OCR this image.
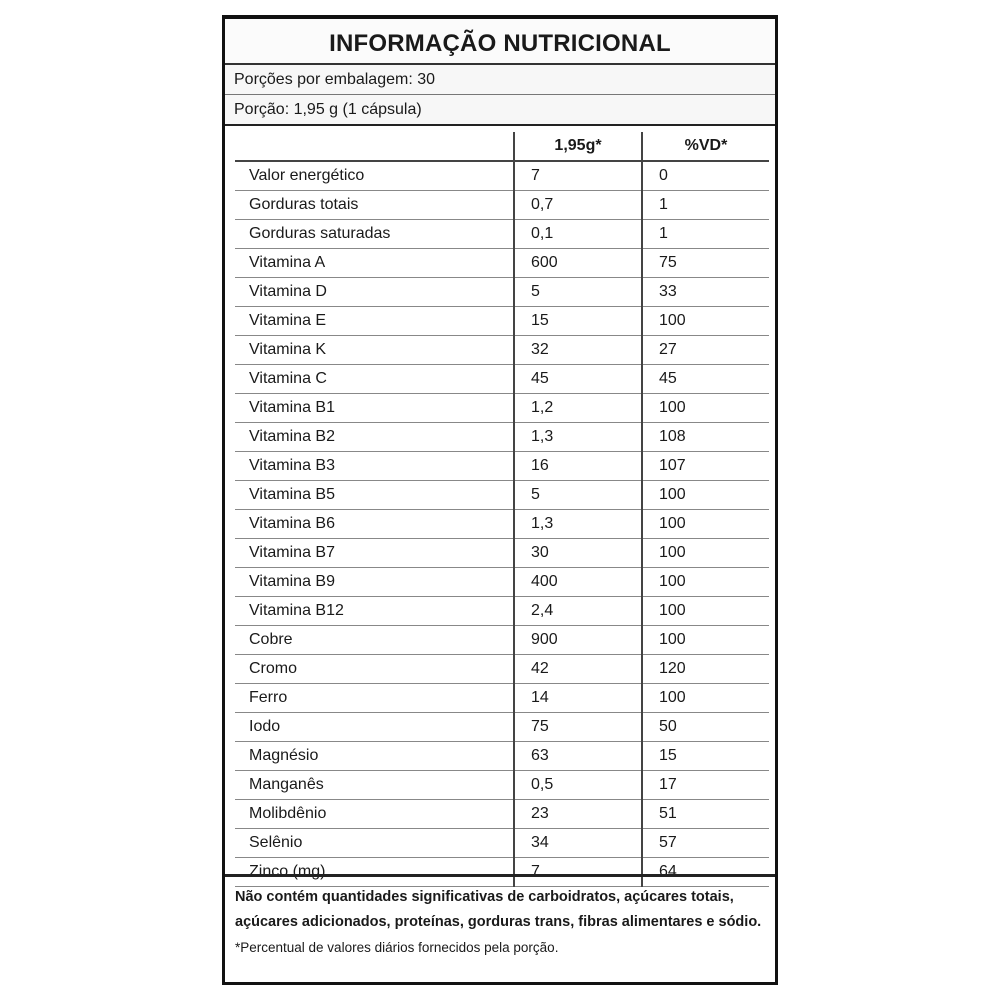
INFORMAÇÃO NUTRICIONAL
Porções por embalagem: 30
Porção: 1,95 g (1 cápsula)
	1,95g*	%VD*
Valor energético	7	0
Gorduras totais	0,7	1
Gorduras saturadas	0,1	1
Vitamina A	600	75
Vitamina D	5	33
Vitamina E	15	100
Vitamina K	32	27
Vitamina C	45	45
Vitamina B1	1,2	100
Vitamina B2	1,3	108
Vitamina B3	16	107
Vitamina B5	5	100
Vitamina B6	1,3	100
Vitamina B7	30	100
Vitamina B9	400	100
Vitamina B12	2,4	100
Cobre	900	100
Cromo	42	120
Ferro	14	100
Iodo	75	50
Magnésio	63	15
Manganês	0,5	17
Molibdênio	23	51
Selênio	34	57
Zinco (mg)	7	64

Não contém quantidades significativas de carboidratos, açúcares totais, açúcares adicionados, proteínas, gorduras trans, fibras alimentares e sódio.

*Percentual de valores diários fornecidos pela porção.
